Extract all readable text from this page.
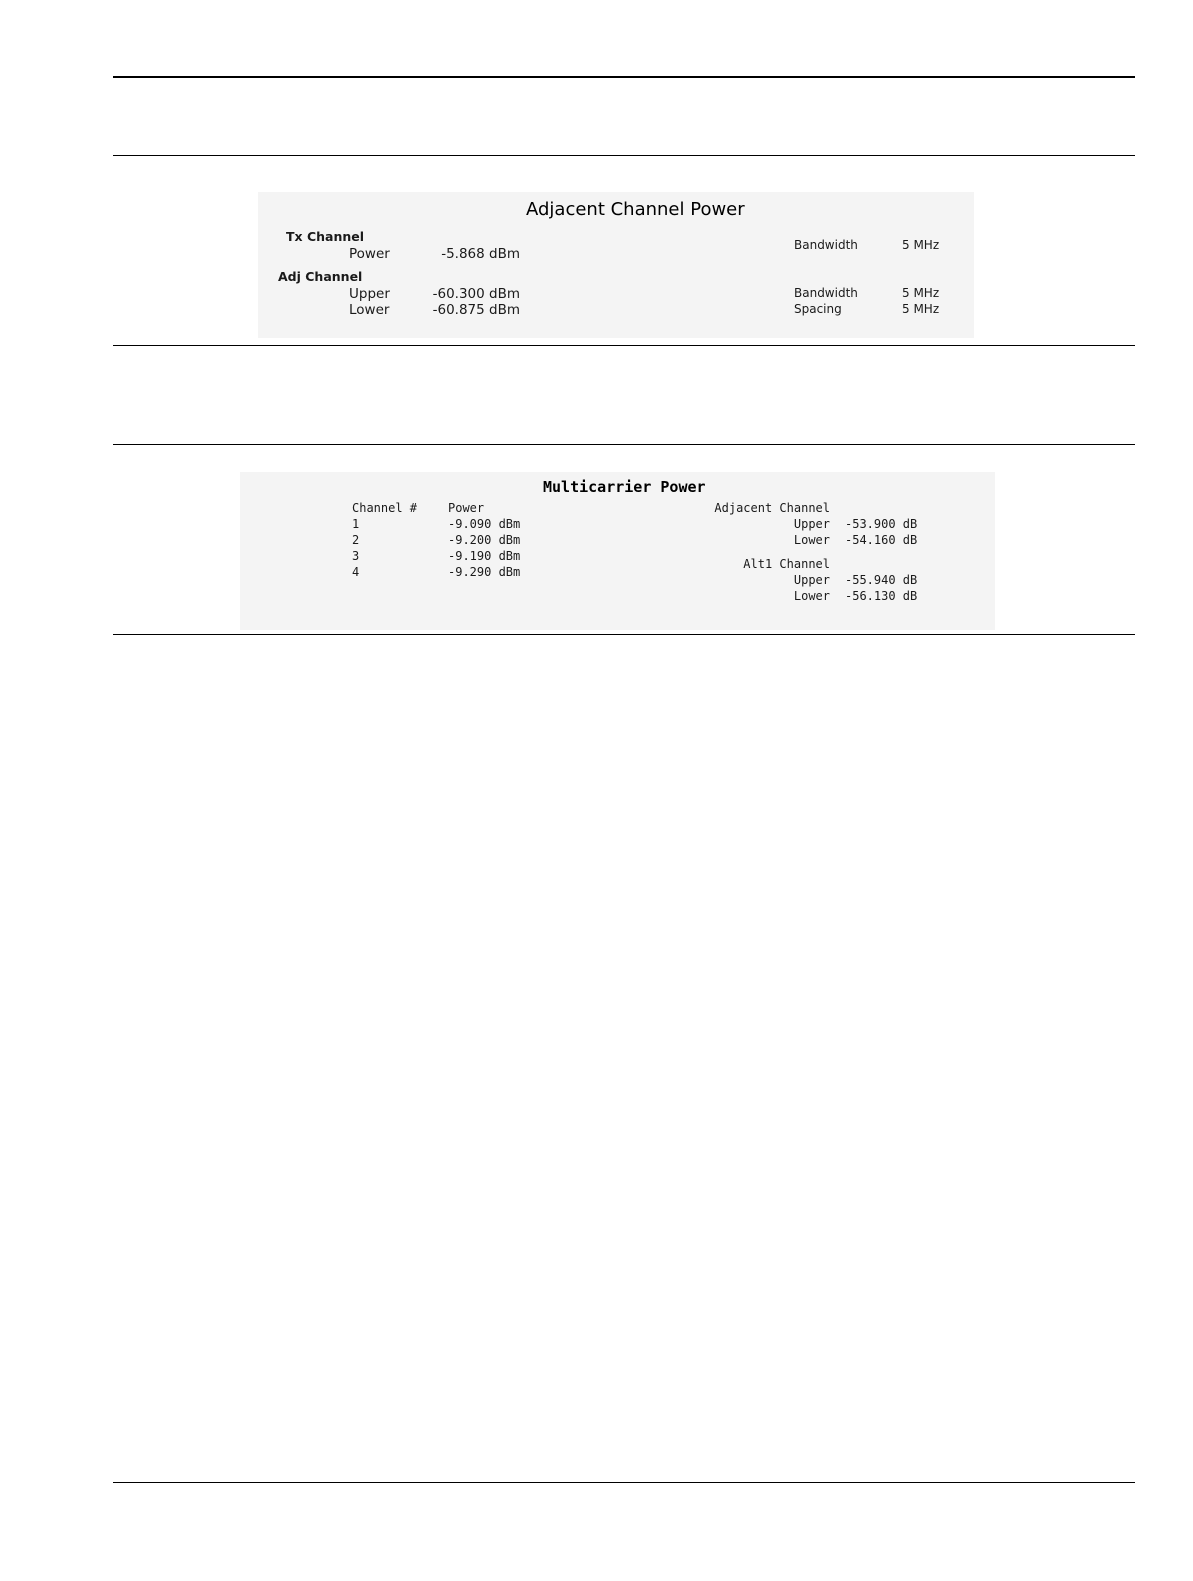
Adjacent Channel Power
Tx Channel
Power	-5.868 dBm
Bandwidth	5 MHz
Adj Channel
Upper	-60.300 dBm
Lower	-60.875 dBm
Bandwidth	5 MHz
Spacing	5 MHz
Multicarrier Power
Channel #	Power
1	-9.090 dBm
2	-9.200 dBm
3	-9.190 dBm
4	-9.290 dBm
Adjacent Channel
Upper -53.900 dB
Lower -54.160 dB
Alt1 Channel
Upper -55.940 dB
Lower -56.130 dB
